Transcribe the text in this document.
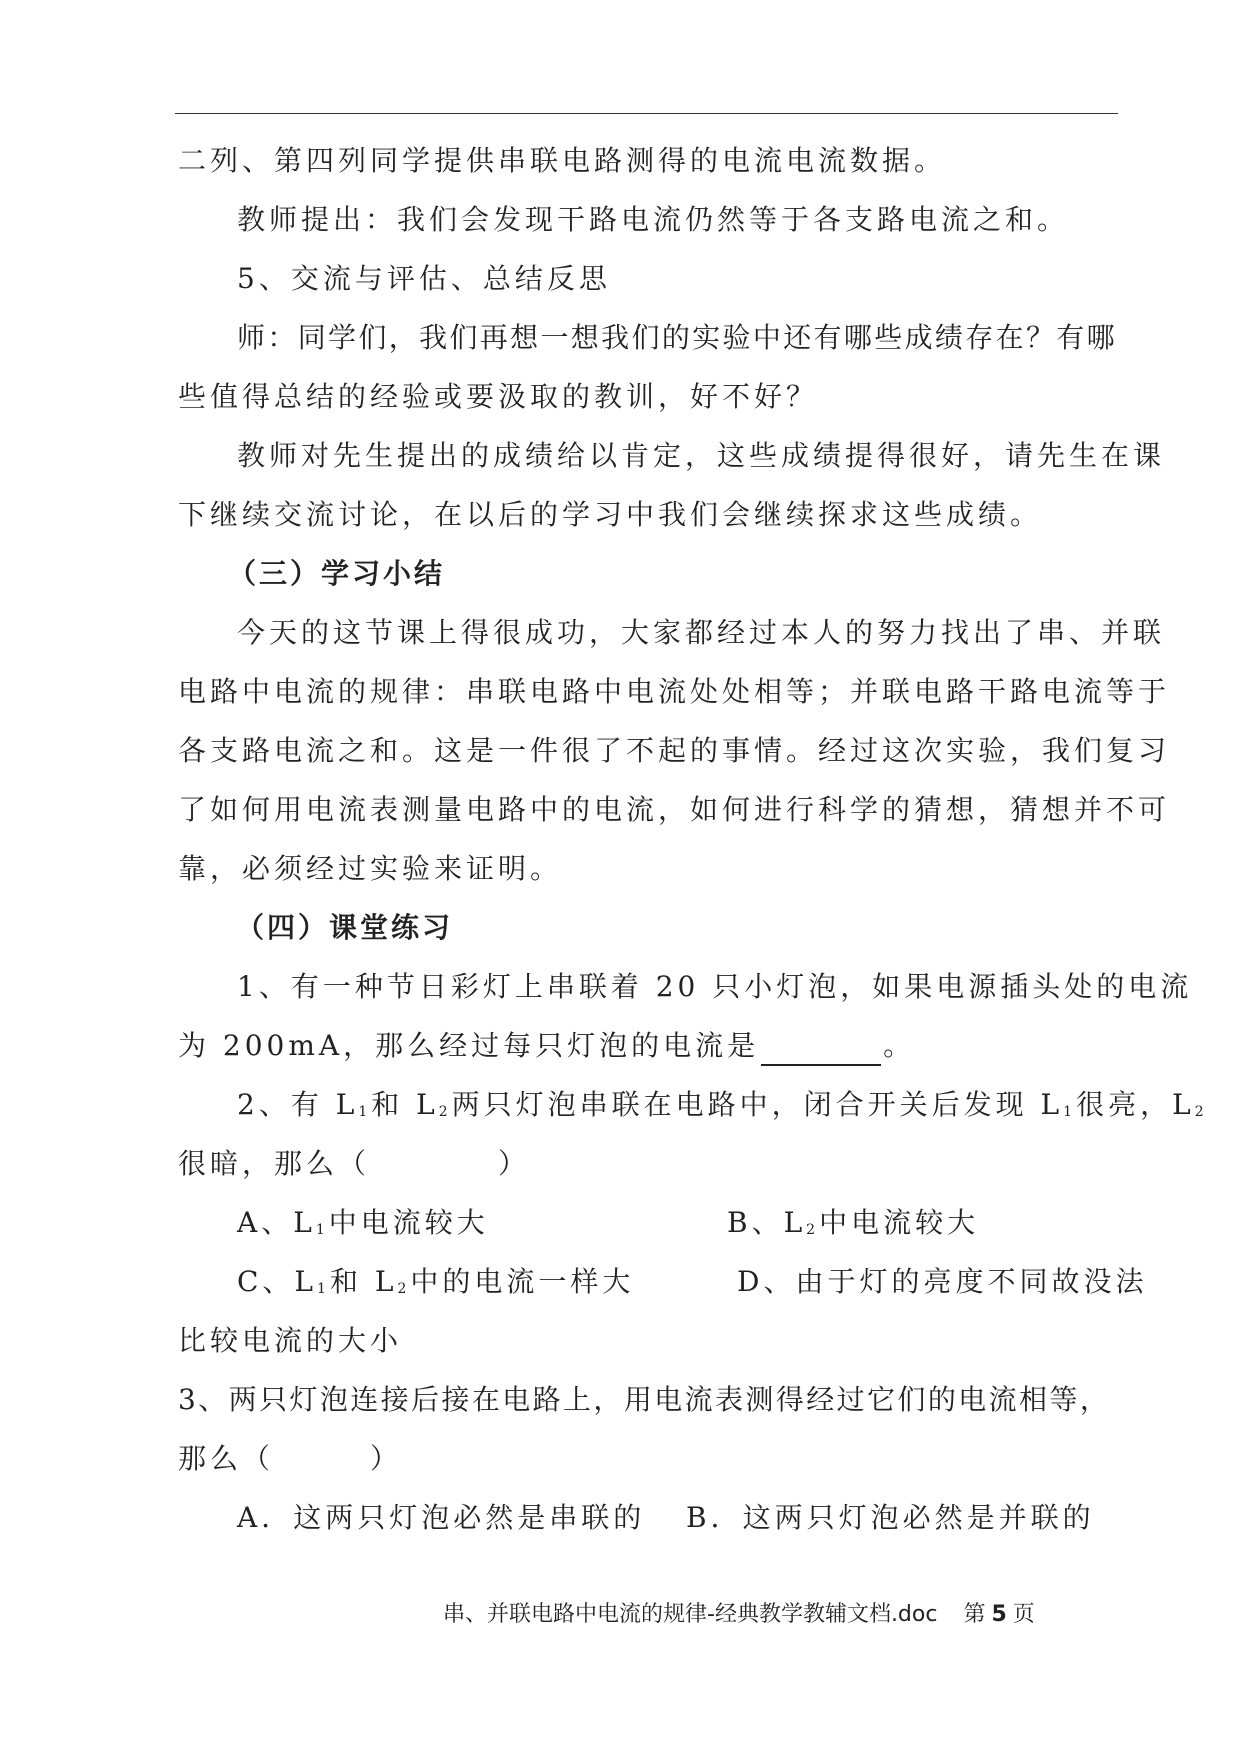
二列、第四列同学提供串联电路测得的电流电流数据。
教师提出：我们会发现干路电流仍然等于各支路电流之和。
5、交流与评估、总结反思
师 ： 同 学 们 ， 我 们 再 想 一 想 我 们 的 实 验 中 还 有 哪 些 成 绩 存 在 ？ 有 哪
些值得总结的经验或要汲取的教训，好不好？
教师对先生提出的成绩给以肯定，这些成绩提得很好，请先生在课
下继续交流讨论，在以后的学习中我们会继续探求这些成绩。
（三）学习小结
今天的这节课上得很成功，大家都经过本人的努力找出了串、并联
电路中电流的规律：串联电路中电流处处相等；并联电路干路电流等于
各支路电流之和。这是一件很了不起的事情。经过这次实验，我们复习
了如何用电流表测量电路中的电流，如何进行科学的猜想，猜想并不可
靠，必须经过实验来证明。
（四）课堂练习
1、有一种节日彩灯上串联着 20 只小灯泡，如果电源插头处的电流
为 200mA，那么经过每只灯泡的电流是	。
2、有 $L_1$和 $L_2$两只灯泡串联在电路中，闭合开关后发现 $L_1$很亮，$L_2$
很暗，那么（　　　　）
A、$L_1$中电流较大	B、$L_2$中电流较大
C、$L_1$和 $L_2$中的电流一样大	D、由于灯的亮度不同故没法
比较电流的大小
3、两只灯泡连接后接在电路上，用电流表测得经过它们的电流相等，
那么（　　　）
A．这两只灯泡必然是串联的 B．这两只灯泡必然是并联的
串、并联电路中电流的规律-经典教学教辅文档.doc 第 5 页
